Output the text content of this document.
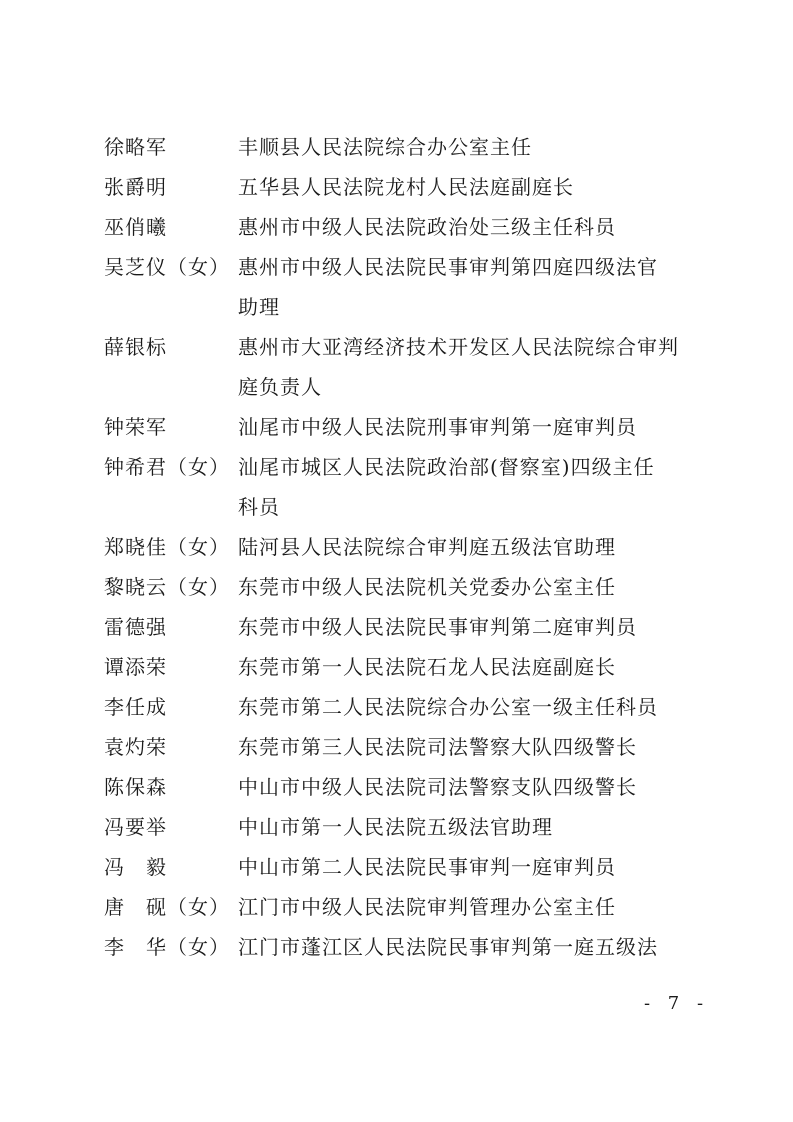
徐略军	丰顺县人民法院综合办公室主任
张爵明	五华县人民法院龙村人民法庭副庭长
巫俏曦	惠州市中级人民法院政治处三级主任科员
吴芝仪（女） 惠州市中级人民法院民事审判第四庭四级法官
助理
薛银标	惠州市大亚湾经济技术开发区人民法院综合审判
庭负责人
钟荣军	汕尾市中级人民法院刑事审判第一庭审判员
钟希君（女） 汕尾市城区人民法院政治部(督察室)四级主任
科员
郑晓佳（女） 陆河县人民法院综合审判庭五级法官助理
黎晓云（女） 东莞市中级人民法院机关党委办公室主任
雷德强	东莞市中级人民法院民事审判第二庭审判员
谭添荣	东莞市第一人民法院石龙人民法庭副庭长
李任成	东莞市第二人民法院综合办公室一级主任科员
袁灼荣	东莞市第三人民法院司法警察大队四级警长
陈保森	中山市中级人民法院司法警察支队四级警长
冯要举	中山市第一人民法院五级法官助理
冯　毅	中山市第二人民法院民事审判一庭审判员
唐　砚（女） 江门市中级人民法院审判管理办公室主任
李　华（女） 江门市蓬江区人民法院民事审判第一庭五级法
- 7 -
